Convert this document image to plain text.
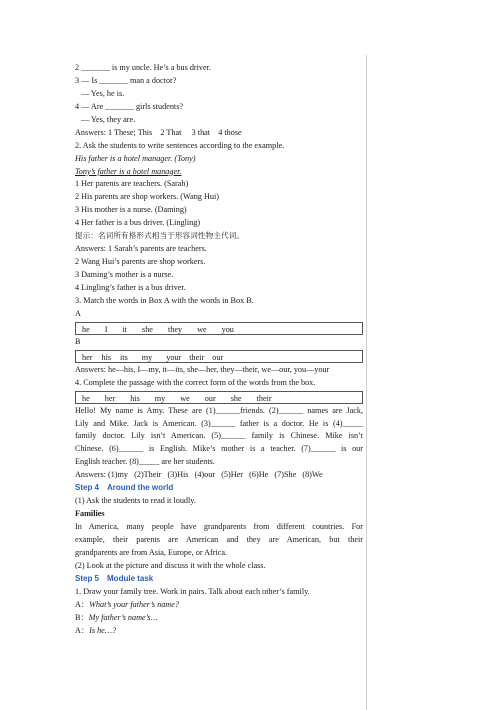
2 _______ is my uncle. He’s a bus driver.
3 — Is _______ man a doctor?
— Yes, he is.
4 — Are _______ girls students?
— Yes, they are.
Answers: 1 These; This    2 That     3 that    4 those
2. Ask the students to write sentences according to the example.
His father is a hotel manager. (Tony)
Tony’s father is a hotel manager.
1 Her parents are teachers. (Sarah)
2 His parents are shop workers. (Wang Hui)
3 His mother is a nurse. (Daming)
4 Her father is a bus driver. (Lingling)
提示：名词所有格形式相当于形容词性物主代词。
Answers: 1 Sarah’s parents are teachers.
2 Wang Hui’s parents are shop workers.
3 Daming’s mother is a nurse.
4 Lingling’s father is a bus driver.
3. Match the words in Box A with the words in Box B.
A
he I it she they we you
B
her his its my your their our
Answers: he—his, I—my, it—its, she—her, they—their, we—our, you—your
4. Complete the passage with the correct form of the words from the box.
he her his my we our she their
Hello! My name is Amy. These are (1)______friends. (2)______ names are Jack,
Lily and Mike. Jack is American. (3)______ father is a doctor. He is (4)_____
family doctor. Lily isn’t American. (5)______ family is Chinese. Mike isn’t
Chinese. (6)______ is English. Mike’s mother is a teacher. (7)______ is our
English teacher. (8)_____ are her students.
Answers: (1)my   (2)Their   (3)His   (4)our   (5)Her   (6)He   (7)She   (8)We
Step 4 Around the world
(1) Ask the students to read it loudly.
Families
In America, many people have grandparents from different countries. For
example, their parents are American and they are American, but their
grandparents are from Asia, Europe, or Africa.
(2) Look at the picture and discuss it with the whole class.
Step 5 Module task
1. Draw your family tree. Work in pairs. Talk about each other’s family.
A：What’s your father’s name?
B：My father’s name’s…
A：Is he…?
